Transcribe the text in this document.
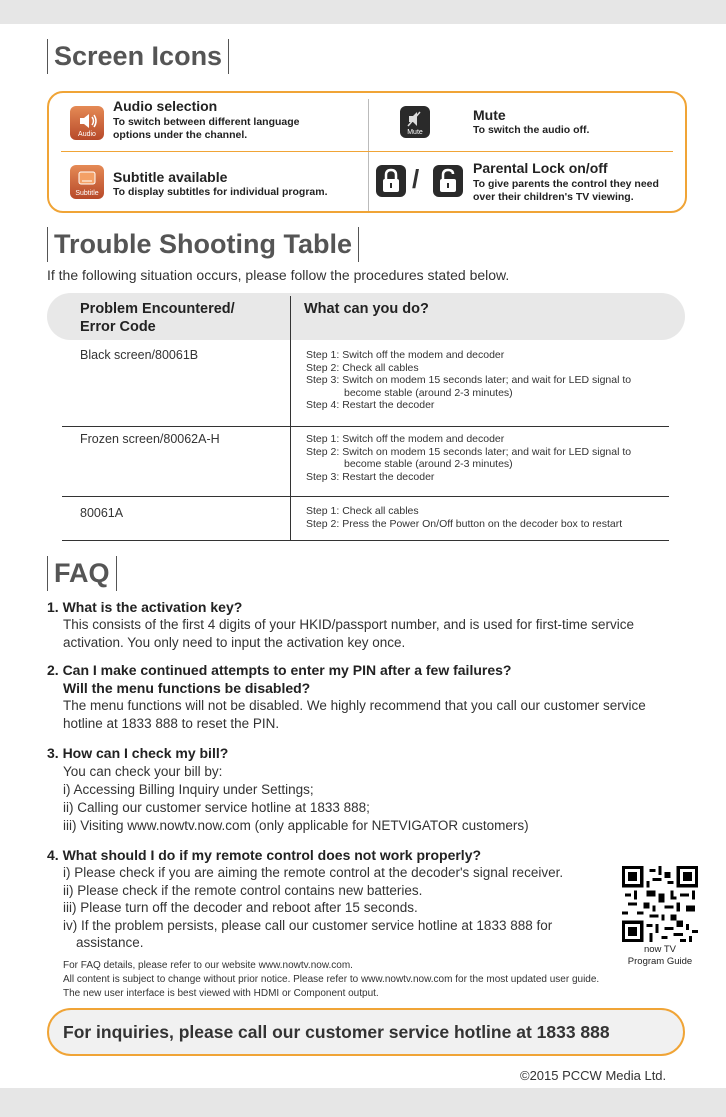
Screen Icons
Audio
Audio selection
To switch between different language
options under the channel.	Mute
Mute
To switch the audio off.
Subtitle
Subtitle available
To display subtitles for individual program.	/	Parental Lock on/off
To give parents the control they need
over their children's TV viewing.
Trouble Shooting Table
If the following situation occurs, please follow the procedures stated below.
Problem Encountered/
Error Code
What can you do?
Black screen/80061B	Step 1: Switch off the modem and decoder
Step 2: Check all cables
Step 3: Switch on modem 15 seconds later; and wait for LED signal to become stable (around 2-3 minutes)
Step 4: Restart the decoder
Frozen screen/80062A-H	Step 1: Switch off the modem and decoder
Step 2: Switch on modem 15 seconds later; and wait for LED signal to become stable (around 2-3 minutes)
Step 3: Restart the decoder
80061A	Step 1: Check all cables
Step 2: Press the Power On/Off button on the decoder box to restart
FAQ
1. What is the activation key?
This consists of the first 4 digits of your HKID/passport number, and is used for first-time service activation. You only need to input the activation key once.
2. Can I make continued attempts to enter my PIN after a few failures?
Will the menu functions be disabled?
The menu functions will not be disabled. We highly recommend that you call our customer service hotline at 1833 888 to reset the PIN.
3. How can I check my bill?
You can check your bill by:
i) Accessing Billing Inquiry under Settings;
ii) Calling our customer service hotline at 1833 888;
iii) Visiting www.nowtv.now.com (only applicable for NETVIGATOR customers)
4. What should I do if my remote control does not work properly?
i) Please check if you are aiming the remote control at the decoder's signal receiver.
ii) Please check if the remote control contains new batteries.
iii) Please turn off the decoder and reboot after 15 seconds.
iv) If the problem persists, please call our customer service hotline at 1833 888 for
assistance.	now TV
Program Guide
For FAQ details, please refer to our website www.nowtv.now.com.
All content is subject to change without prior notice. Please refer to www.nowtv.now.com for the most updated user guide.
The new user interface is best viewed with HDMI or Component output.
For inquiries, please call our customer service hotline at 1833 888
©2015 PCCW Media Ltd.
